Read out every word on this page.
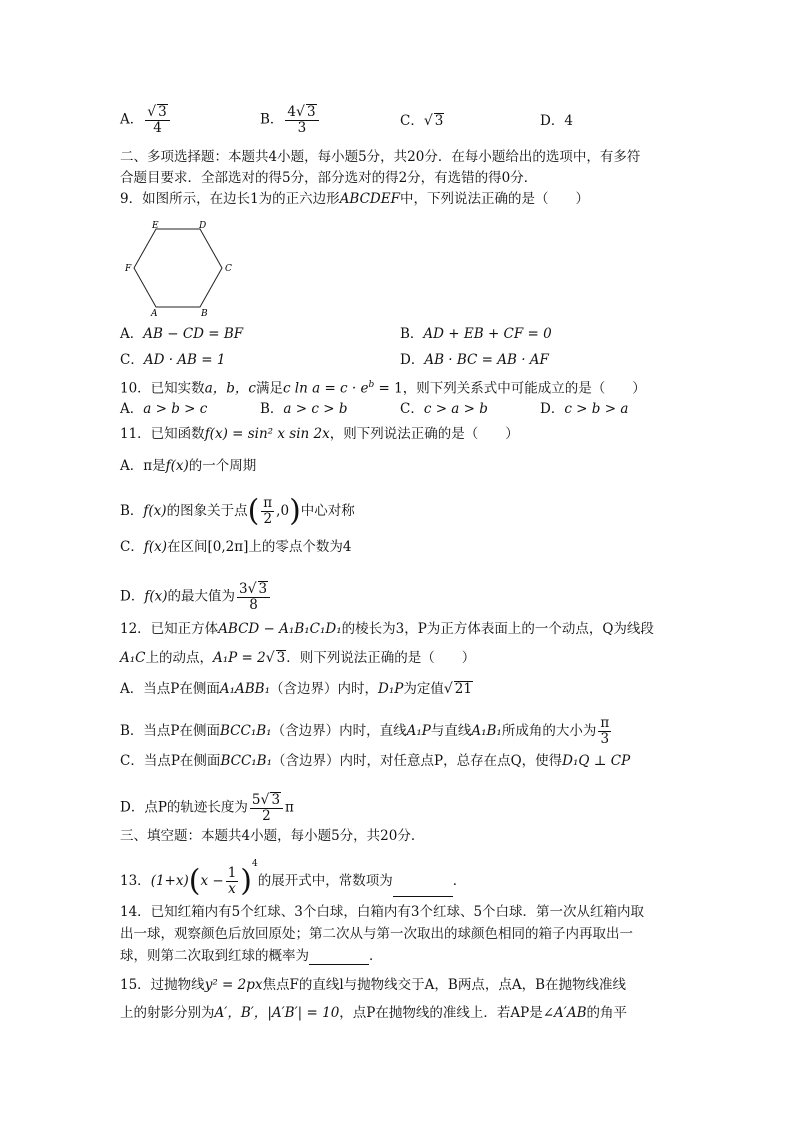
A． $\frac{√ 3}{4}$	B． $\frac{4√ 3}{3}$	C．√ 3	D．4
二、多项选择题：本题共4小题，每小题5分，共20分．在每小题给出的选项中，有多符
合题目要求．全部选对的得5分，部分选对的得2分，有选错的得0分．
9．如图所示，在边长1为的正六边形ABCDEF中，下列说法正确的是（　　）
A	B
C
D
E
F
A．AB − CD = BF	B．AD + EB + CF = 0
C．AD · AB = 1	D．AB · BC = AB · AF
10．已知实数a，b，c满足c $\ln a = c \cdot e^b = 1$，则下列关系式中可能成立的是（　　）
A．a > b > c	B．a > c > b	C．c > a > b	D．c > b > a
11．已知函数f(x) = sin² x sin 2x，则下列说法正确的是（　　）
A．π是f(x)的一个周期
B．f(x)的图象关于点( $\frac{\pi}{2} ,0$)中心对称
C．f(x)在区间[0,2π]上的零点个数为4
D．f(x)的最大值为 $\frac{3√ 3}{8}$
12．已知正方体ABCD − A₁B₁C₁D₁的棱长为3，P为正方体表面上的一个动点，Q为线段
A₁C上的动点，A₁P = 2√ 3．则下列说法正确的是（　　）
A．当点P在侧面A₁ABB₁（含边界）内时，D₁P为定值√ 21
B．当点P在侧面BCC₁B₁（含边界）内时，直线A₁P与直线A₁B₁所成角的大小为 $\frac{\pi}{3}$
C．当点P在侧面BCC₁B₁（含边界）内时，对任意点P，总存在点Q，使得D₁Q ⊥ CP
D．点P的轨迹长度为 $\frac{5√ 3}{2}$ π
三、填空题：本题共4小题，每小题5分，共20分．
13．$(1+x)(x - \frac{1}{x} )^4$的展开式中，常数项为	．
14．已知红箱内有5个红球、3个白球，白箱内有3个红球、5个白球．第一次从红箱内取
出一球，观察颜色后放回原处；第二次从与第一次取出的球颜色相同的箱子内再取出一
球，则第二次取到红球的概率为	．
15．过抛物线y² = 2px焦点F的直线l与抛物线交于A，B两点，点A，B在抛物线准线
上的射影分别为A′，B′，|A′B′| = 10，点P在抛物线的准线上．若AP是∠A′AB的角平
